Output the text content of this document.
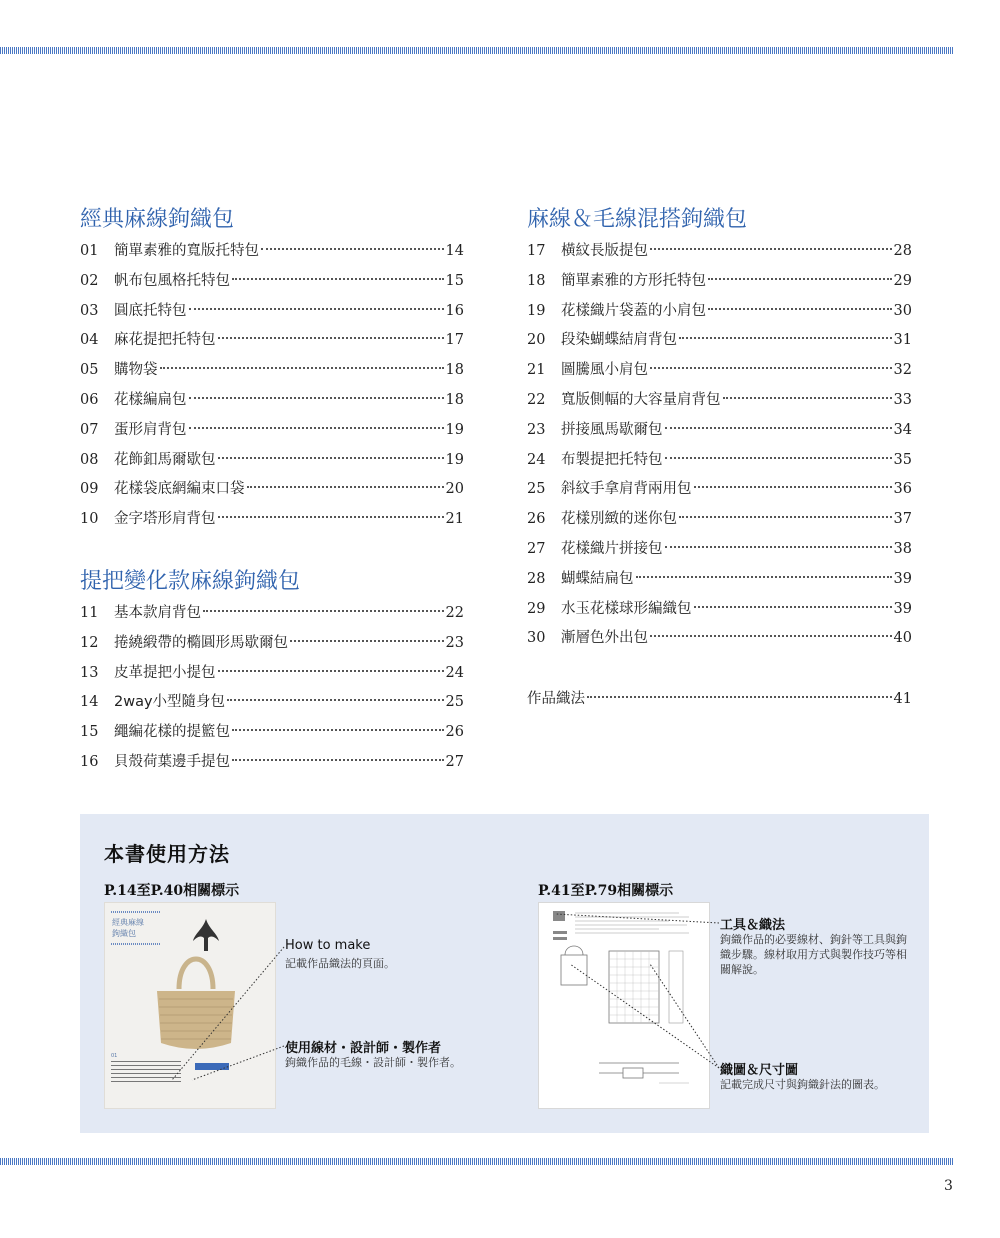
經典麻線鉤織包
01	簡單素雅的寬版托特包	14
02	帆布包風格托特包	15
03	圓底托特包	16
04	麻花提把托特包	17
05	購物袋	18
06	花樣編扁包	18
07	蛋形肩背包	19
08	花飾釦馬爾歇包	19
09	花樣袋底網編束口袋	20
10	金字塔形肩背包	21
提把變化款麻線鉤織包
11	基本款肩背包	22
12	捲繞緞帶的橢圓形馬歇爾包	23
13	皮革提把小提包	24
14	2way小型隨身包	25
15	繩編花樣的提籃包	26
16	貝殼荷葉邊手提包	27
麻線＆毛線混搭鉤織包
17	橫紋長版提包	28
18	簡單素雅的方形托特包	29
19	花樣織片袋蓋的小肩包	30
20	段染蝴蝶結肩背包	31
21	圖騰風小肩包	32
22	寬版側幅的大容量肩背包	33
23	拼接風馬歇爾包	34
24	布製提把托特包	35
25	斜紋手拿肩背兩用包	36
26	花樣別緻的迷你包	37
27	花樣織片拼接包	38
28	蝴蝶結扁包	39
29	水玉花樣球形編織包	39
30	漸層色外出包	40
作品織法	41
本書使用方法
P.14至P.40相關標示	P.41至P.79相關標示
經典麻線
鉤織包
01
How to make
記載作品織法的頁面。
使用線材・設計師・製作者
鉤織作品的毛線・設計師・製作者。
工具＆織法
鉤織作品的必要線材、鉤針等工具與鉤織步驟。線材取用方式與製作技巧等相關解說。
織圖＆尺寸圖
記載完成尺寸與鉤織針法的圖表。
3
